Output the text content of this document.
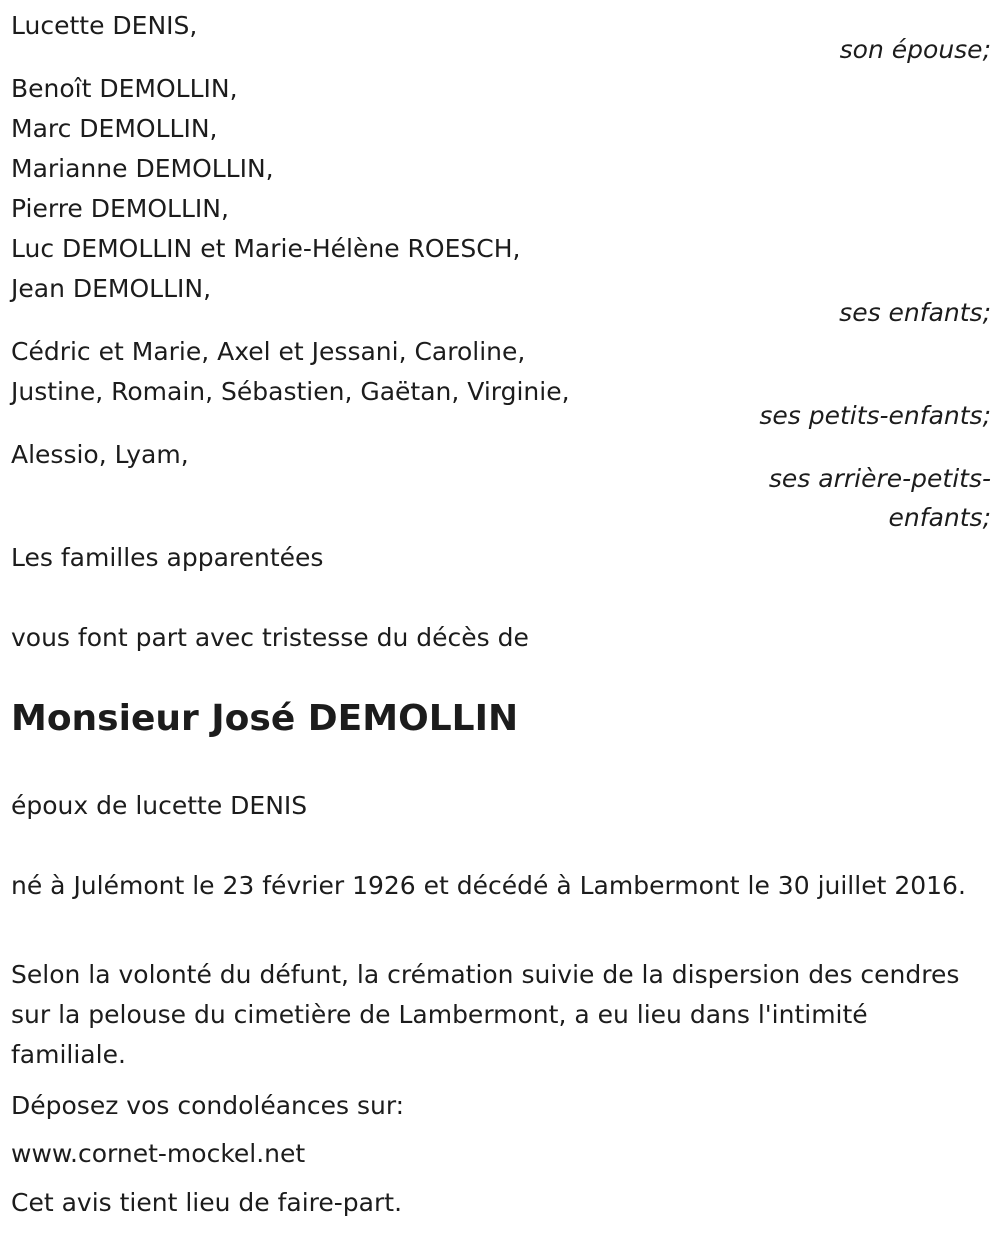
Lucette DENIS,
son épouse;
Benoît DEMOLLIN,
Marc DEMOLLIN,
Marianne DEMOLLIN,
Pierre DEMOLLIN,
Luc DEMOLLIN et Marie-Hélène ROESCH,
Jean DEMOLLIN,
ses enfants;
Cédric et Marie, Axel et Jessani, Caroline,
Justine, Romain, Sébastien, Gaëtan, Virginie,
ses petits-enfants;
Alessio, Lyam,
ses arrière-petits-
enfants;
Les familles apparentées
vous font part avec tristesse du décès de
Monsieur José DEMOLLIN
époux de lucette DENIS
né à Julémont le 23 février 1926 et décédé à Lambermont le 30 juillet 2016.
Selon la volonté du défunt, la crémation suivie de la dispersion des cendres sur la pelouse du cimetière de Lambermont, a eu lieu dans l'intimité familiale.
Déposez vos condoléances sur:
www.cornet-mockel.net
Cet avis tient lieu de faire-part.
